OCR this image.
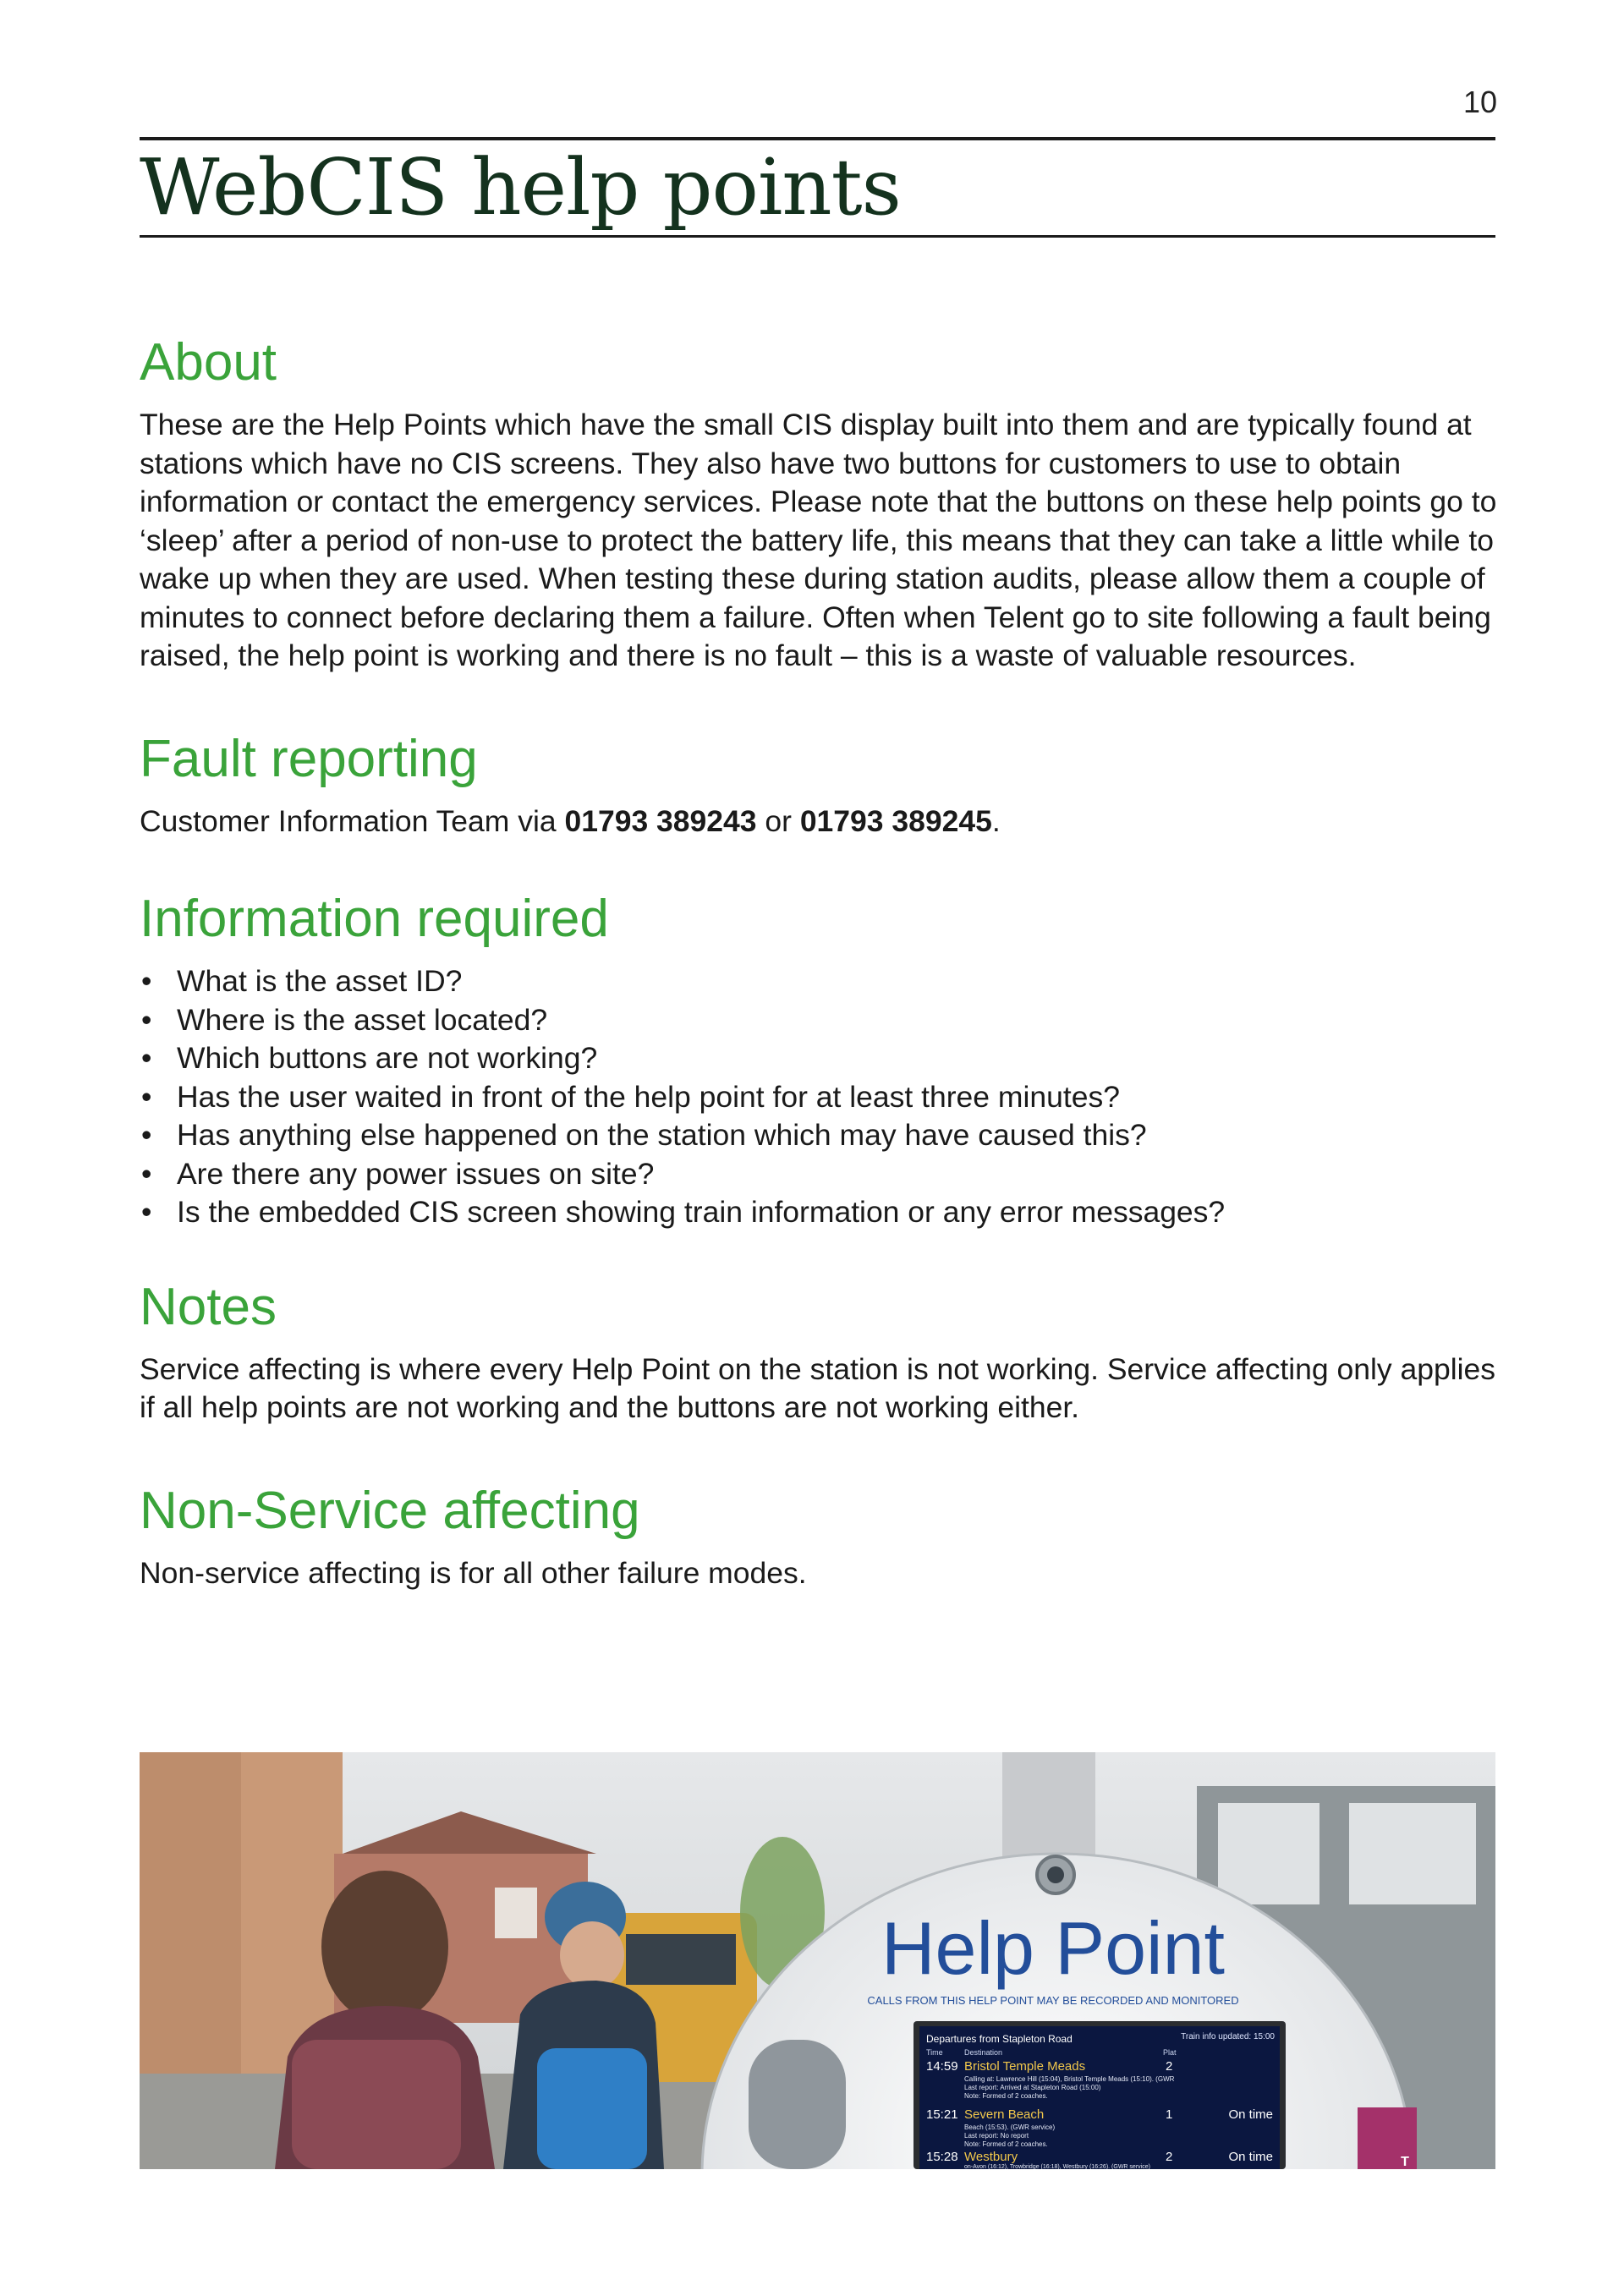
10
WebCIS help points
About

These are the Help Points which have the small CIS display built into them and are typically found at stations which have no CIS screens. They also have two buttons for customers to use to obtain information or contact the emergency services. Please note that the buttons on these help points go to ‘sleep’ after a period of non-use to protect the battery life, this means that they can take a little while to wake up when they are used. When testing these during station audits, please allow them a couple of minutes to connect before declaring them a failure. Often when Telent go to site following a fault being raised, the help point is working and there is no fault – this is a waste of valuable resources.

Fault reporting

Customer Information Team via 01793 389243 or 01793 389245.

Information required
• What is the asset ID?
• Where is the asset located?
• Which buttons are not working?
• Has the user waited in front of the help point for at least three minutes?
• Has anything else happened on the station which may have caused this?
• Are there any power issues on site?
• Is the embedded CIS screen showing train information or any error messages?
Notes

Service affecting is where every Help Point on the station is not working. Service affecting only applies if all help points are not working and the buttons are not working either.

Non-Service affecting

Non-service affecting is for all other failure modes.

Help Point
CALLS FROM THIS HELP POINT MAY BE RECORDED AND MONITORED
Departures from Stapleton Road	Train info updated: 15:00
Time	Destination	Plat
14:59 Bristol Temple Meads	2
Calling at: Lawrence Hill (15:04), Bristol Temple Meads (15:10). (GWR
Last report: Arrived at Stapleton Road (15:00)
Note: Formed of 2 coaches.
15:21 Severn Beach	1	On time
Beach (15:53). (GWR service)
Last report: No report
Note: Formed of 2 coaches.
15:28 Westbury	2	On time
on-Avon (16:12), Trowbridge (16:18), Westbury (16:26). (GWR service)	T
